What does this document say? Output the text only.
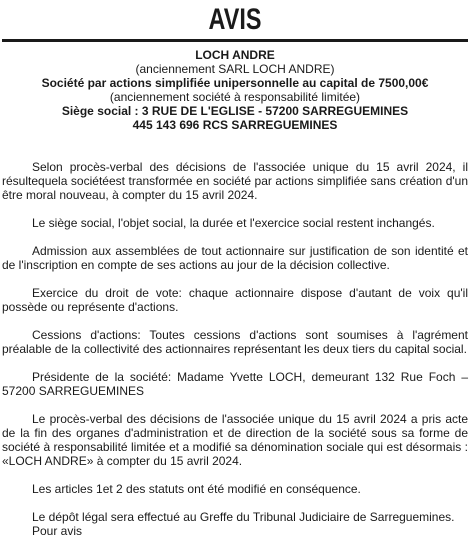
AVIS
LOCH ANDRE
(anciennement SARL LOCH ANDRE)
Société par actions simplifiée unipersonnelle au capital de 7500,00€
(anciennement société à responsabilité limitée)
Siège social : 3 RUE DE L'EGLISE - 57200 SARREGUEMINES
445 143 696 RCS SARREGUEMINES

Selon procès-verbal des décisions de l'associée unique du 15 avril 2024, il résultequela sociétéest transformée en société par actions simplifiée sans création d'un être moral nouveau, à compter du 15 avril 2024.

Le siège social, l'objet social, la durée et l'exercice social restent inchangés.

Admission aux assemblées de tout actionnaire sur justification de son identité et de l'inscription en compte de ses actions au jour de la décision collective.

Exercice du droit de vote: chaque actionnaire dispose d'autant de voix qu'il possède ou représente d'actions.

Cessions d'actions: Toutes cessions d'actions sont soumises à l'agrément préalable de la collectivité des actionnaires représentant les deux tiers du capital social.

Présidente de la société: Madame Yvette LOCH, demeurant 132 Rue Foch – 57200 SARREGUEMINES

Le procès-verbal des décisions de l'associée unique du 15 avril 2024 a pris acte de la fin des organes d'administration et de direction de la société sous sa forme de société à responsabilité limitée et a modifié sa dénomination sociale qui est désormais : «LOCH ANDRE» à compter du 15 avril 2024.

Les articles 1et 2 des statuts ont été modifié en conséquence.

Le dépôt légal sera effectué au Greffe du Tribunal Judiciaire de Sarreguemines.
Pour avis
